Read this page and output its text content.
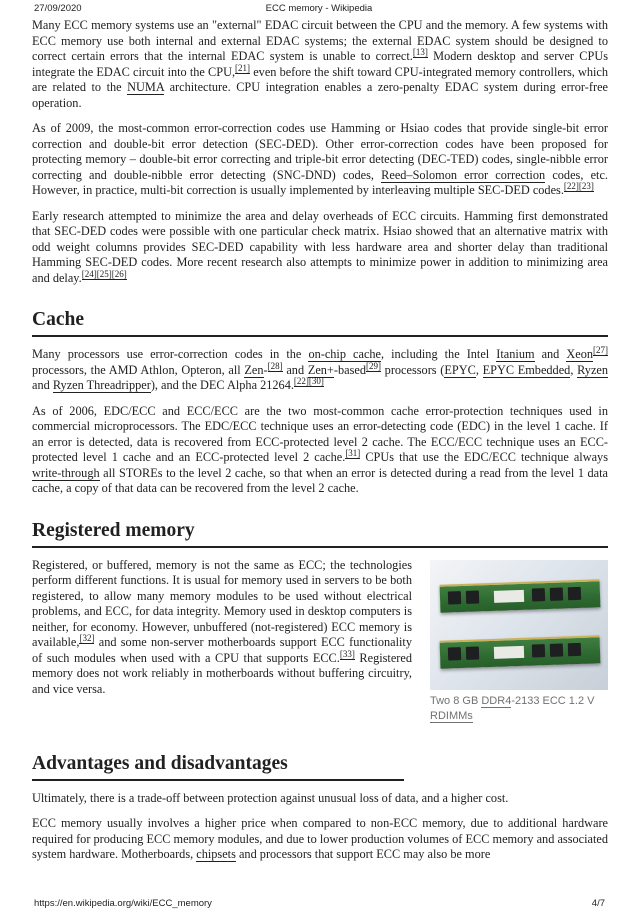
27/09/2020	ECC memory - Wikipedia

Many ECC memory systems use an "external" EDAC circuit between the CPU and the memory. A few systems with ECC memory use both internal and external EDAC systems; the external EDAC system should be designed to correct certain errors that the internal EDAC system is unable to correct.[13] Modern desktop and server CPUs integrate the EDAC circuit into the CPU,[21] even before the shift toward CPU-integrated memory controllers, which are related to the NUMA architecture. CPU integration enables a zero-penalty EDAC system during error-free operation.

As of 2009, the most-common error-correction codes use Hamming or Hsiao codes that provide single-bit error correction and double-bit error detection (SEC-DED). Other error-correction codes have been proposed for protecting memory – double-bit error correcting and triple-bit error detecting (DEC-TED) codes, single-nibble error correcting and double-nibble error detecting (SNC-DND) codes, Reed–Solomon error correction codes, etc. However, in practice, multi-bit correction is usually implemented by interleaving multiple SEC-DED codes.[22][23]

Early research attempted to minimize the area and delay overheads of ECC circuits. Hamming first demonstrated that SEC-DED codes were possible with one particular check matrix. Hsiao showed that an alternative matrix with odd weight columns provides SEC-DED capability with less hardware area and shorter delay than traditional Hamming SEC-DED codes. More recent research also attempts to minimize power in addition to minimizing area and delay.[24][25][26]

Cache

Many processors use error-correction codes in the on-chip cache, including the Intel Itanium and Xeon[27] processors, the AMD Athlon, Opteron, all Zen-[28] and Zen+-based[29] processors (EPYC, EPYC Embedded, Ryzen and Ryzen Threadripper), and the DEC Alpha 21264.[22][30]

As of 2006, EDC/ECC and ECC/ECC are the two most-common cache error-protection techniques used in commercial microprocessors. The EDC/ECC technique uses an error-detecting code (EDC) in the level 1 cache. If an error is detected, data is recovered from ECC-protected level 2 cache. The ECC/ECC technique uses an ECC-protected level 1 cache and an ECC-protected level 2 cache.[31] CPUs that use the EDC/ECC technique always write-through all STOREs to the level 2 cache, so that when an error is detected during a read from the level 1 data cache, a copy of that data can be recovered from the level 2 cache.

Registered memory
Two 8 GB DDR4-2133 ECC 1.2 V RDIMMs

Registered, or buffered, memory is not the same as ECC; the technologies perform different functions. It is usual for memory used in servers to be both registered, to allow many memory modules to be used without electrical problems, and ECC, for data integrity. Memory used in desktop computers is neither, for economy. However, unbuffered (not-registered) ECC memory is available,[32] and some non-server motherboards support ECC functionality of such modules when used with a CPU that supports ECC.[33] Registered memory does not work reliably in motherboards without buffering circuitry, and vice versa.

Advantages and disadvantages

Ultimately, there is a trade-off between protection against unusual loss of data, and a higher cost.

ECC memory usually involves a higher price when compared to non-ECC memory, due to additional hardware required for producing ECC memory modules, and due to lower production volumes of ECC memory and associated system hardware. Motherboards, chipsets and processors that support ECC may also be more

https://en.wikipedia.org/wiki/ECC_memory	4/7
